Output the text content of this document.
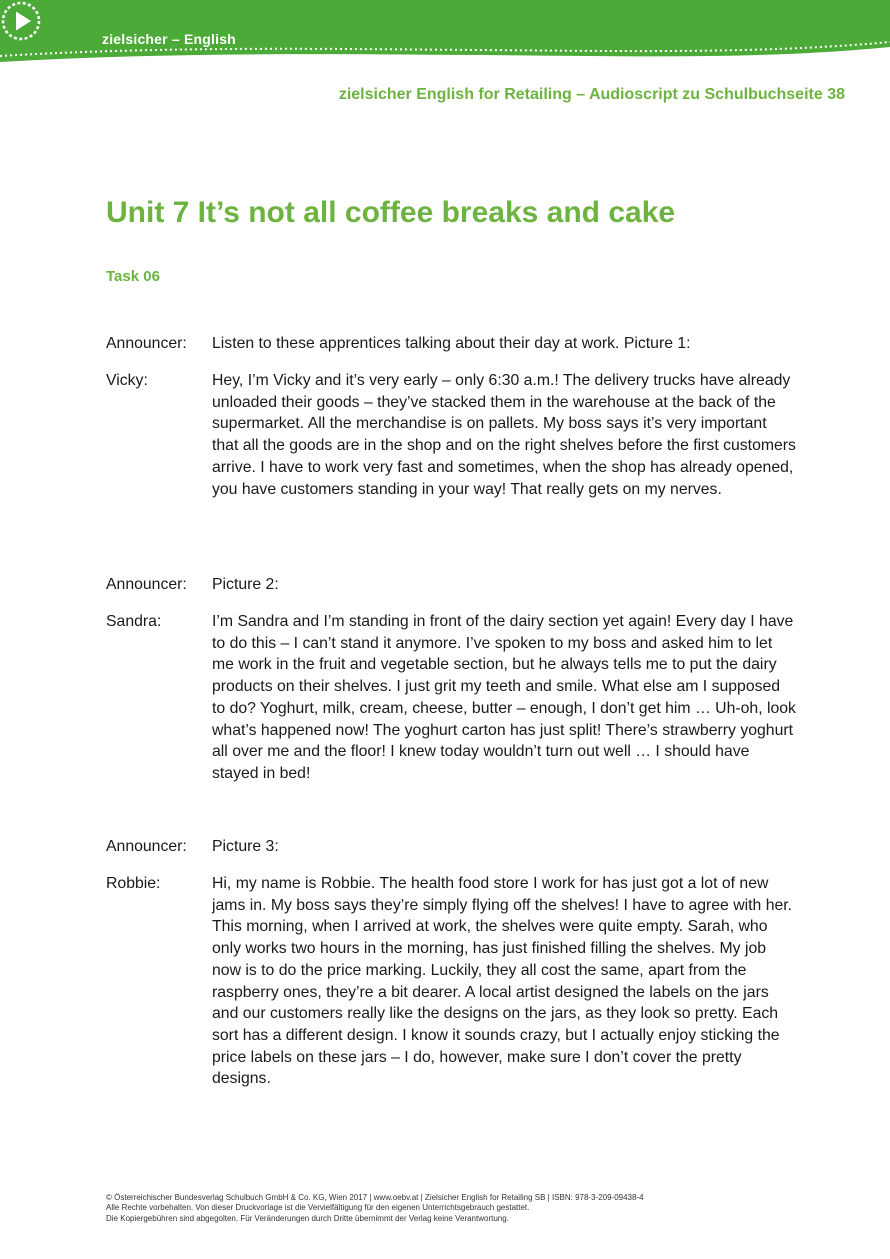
zielsicher – English
zielsicher English for Retailing – Audioscript zu Schulbuchseite 38
Unit 7 It’s not all coffee breaks and cake
Task 06
Announcer:	Listen to these apprentices talking about their day at work. Picture 1:
Vicky:	Hey, I’m Vicky and it’s very early – only 6:30 a.m.! The delivery trucks have already unloaded their goods – they’ve stacked them in the warehouse at the back of the supermarket. All the merchandise is on pallets. My boss says it’s very important that all the goods are in the shop and on the right shelves before the first customers arrive. I have to work very fast and sometimes, when the shop has already opened, you have customers standing in your way! That really gets on my nerves.
Announcer:	Picture 2:
Sandra:	I’m Sandra and I’m standing in front of the dairy section yet again! Every day I have to do this – I can’t stand it anymore. I’ve spoken to my boss and asked him to let me work in the fruit and vegetable section, but he always tells me to put the dairy products on their shelves. I just grit my teeth and smile. What else am I supposed to do? Yoghurt, milk, cream, cheese, butter – enough, I don’t get him … Uh-oh, look what’s happened now! The yoghurt carton has just split! There’s strawberry yoghurt all over me and the floor! I knew today wouldn’t turn out well … I should have stayed in bed!
Announcer:	Picture 3:
Robbie:	Hi, my name is Robbie. The health food store I work for has just got a lot of new jams in. My boss says they’re simply flying off the shelves! I have to agree with her. This morning, when I arrived at work, the shelves were quite empty. Sarah, who only works two hours in the morning, has just finished filling the shelves. My job now is to do the price marking. Luckily, they all cost the same, apart from the raspberry ones, they’re a bit dearer. A local artist designed the labels on the jars and our customers really like the designs on the jars, as they look so pretty. Each sort has a different design. I know it sounds crazy, but I actually enjoy sticking the price labels on these jars – I do, however, make sure I don’t cover the pretty designs.
© Österreichischer Bundesverlag Schulbuch GmbH & Co. KG, Wien 2017 | www.oebv.at | Zielsicher English for Retailing SB | ISBN: 978-3-209-09438-4
Alle Rechte vorbehalten. Von dieser Druckvorlage ist die Vervielfältigung für den eigenen Unterrichtsgebrauch gestattet.
Die Kopiergebühren sind abgegolten. Für Veränderungen durch Dritte übernimmt der Verlag keine Verantwortung.
